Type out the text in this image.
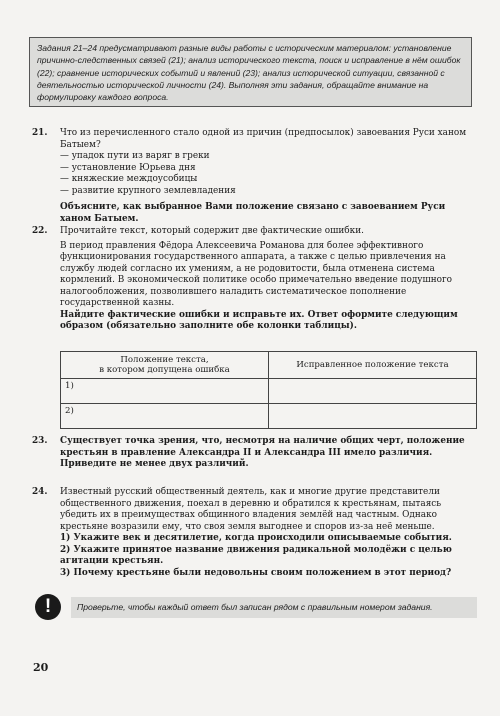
Задания 21–24 предусматривают разные виды работы с историческим материалом: установление причинно-следственных связей (21); анализ исторического текста, поиск и исправление в нём ошибок (22); сравнение исторических событий и явлений (23); анализ исторической ситуации, связанной с деятельностью исторической личности (24). Выполняя эти задания, обращайте внимание на формулировку каждого вопроса.
21. Что из перечисленного стало одной из причин (предпосылок) завоевания Руси ханом Батыем?

— упадок пути из варяг в греки
— установление Юрьева дня
— княжеские междоусобицы
— развитие крупного землевладения

Объясните, как выбранное Вами положение связано с завоеванием Руси ханом Батыем.

22. Прочитайте текст, который содержит две фактические ошибки.

В период правления Фёдора Алексеевича Романова для более эффективного функционирования государственного аппарата, а также с целью привлечения на службу людей согласно их умениям, а не родовитости, была отменена система кормлений. В экономической политике особо примечательно введение подушного налогообложения, позволившего наладить систематическое пополнение государственной казны.

Найдите фактические ошибки и исправьте их. Ответ оформите следующим образом (обязательно заполните обе колонки таблицы).

Положение текста,
в котором допущена ошибка	Исправленное положение текста
1)	
2)	
23. Существует точка зрения, что, несмотря на наличие общих черт, положение крестьян в правление Александра II и Александра III имело различия. Приведите не менее двух различий.

24. Известный русский общественный деятель, как и многие другие представители общественного движения, поехал в деревню и обратился к крестьянам, пытаясь убедить их в преимуществах общинного владения землёй над частным. Однако крестьяне возразили ему, что своя земля выгоднее и споров из-за неё меньше.

1) Укажите век и десятилетие, когда происходили описываемые события.

2) Укажите принятое название движения радикальной молодёжи с целью агитации крестьян.

3) Почему крестьяне были недовольны своим положением в этот период?

!	Проверьте, чтобы каждый ответ был записан рядом с правильным номером задания.
20
